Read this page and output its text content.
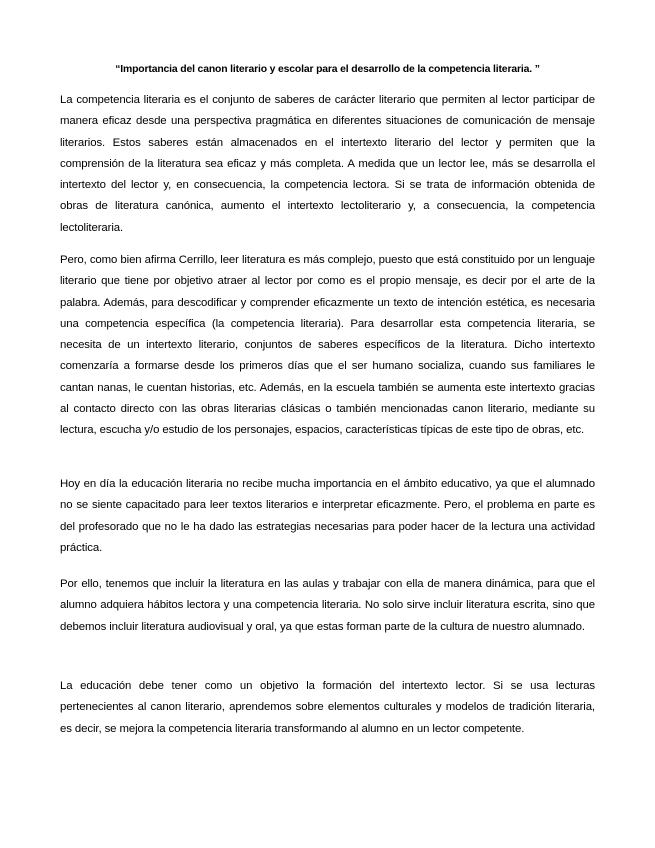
“Importancia del canon literario y escolar para el desarrollo de la competencia literaria. ”

La competencia literaria es el conjunto de saberes de carácter literario que permiten al lector participar de manera eficaz desde una perspectiva pragmática en diferentes situaciones de comunicación de mensaje literarios. Estos saberes están almacenados en el intertexto literario del lector y permiten que la comprensión de la literatura sea eficaz y más completa. A medida que un lector lee, más se desarrolla el intertexto del lector y, en consecuencia, la competencia lectora. Si se trata de información obtenida de obras de literatura canónica, aumento el intertexto lectoliterario y, a consecuencia, la competencia lectoliteraria.

Pero, como bien afirma Cerrillo, leer literatura es más complejo, puesto que está constituido por un lenguaje literario que tiene por objetivo atraer al lector por como es el propio mensaje, es decir por el arte de la palabra. Además, para descodificar y comprender eficazmente un texto de intención estética, es necesaria una competencia específica (la competencia literaria). Para desarrollar esta competencia literaria, se necesita de un intertexto literario, conjuntos de saberes específicos de la literatura. Dicho intertexto comenzaría a formarse desde los primeros días que el ser humano socializa, cuando sus familiares le cantan nanas, le cuentan historias, etc. Además, en la escuela también se aumenta este intertexto gracias al contacto directo con las obras literarias clásicas o también mencionadas canon literario, mediante su lectura, escucha y/o estudio de los personajes, espacios, características típicas de este tipo de obras, etc.

Hoy en día la educación literaria no recibe mucha importancia en el ámbito educativo, ya que el alumnado no se siente capacitado para leer textos literarios e interpretar eficazmente. Pero, el problema en parte es del profesorado que no le ha dado las estrategias necesarias para poder hacer de la lectura una actividad práctica.

Por ello, tenemos que incluir la literatura en las aulas y trabajar con ella de manera dinámica, para que el alumno adquiera hábitos lectora y una competencia literaria. No solo sirve incluir literatura escrita, sino que debemos incluir literatura audiovisual y oral, ya que estas forman parte de la cultura de nuestro alumnado.

La educación debe tener como un objetivo la formación del intertexto lector. Si se usa lecturas pertenecientes al canon literario, aprendemos sobre elementos culturales y modelos de tradición literaria, es decir, se mejora la competencia literaria transformando al alumno en un lector competente.
